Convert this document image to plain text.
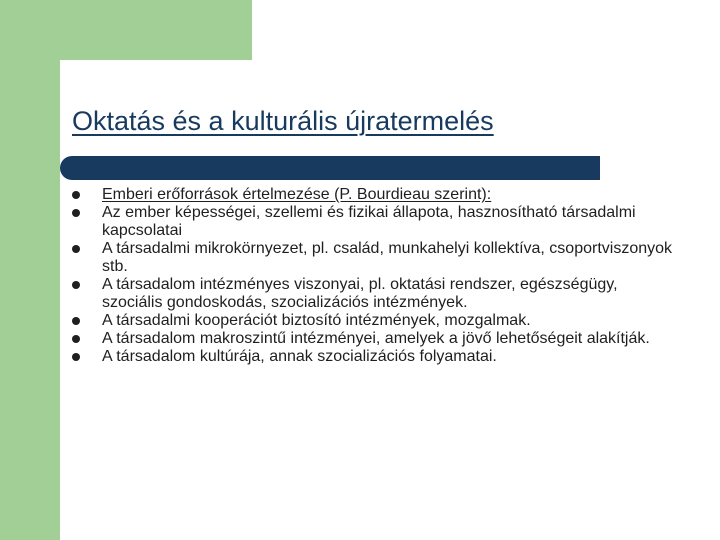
Oktatás és a kulturális újratermelés
Emberi erőforrások értelmezése (P. Bourdieau szerint):
Az ember képességei, szellemi és fizikai állapota, hasznosítható társadalmi kapcsolatai
A társadalmi mikrokörnyezet, pl. család, munkahelyi kollektíva, csoportviszonyok stb.
A társadalom intézményes viszonyai, pl. oktatási rendszer, egészségügy, szociális gondoskodás, szocializációs intézmények.
A társadalmi kooperációt biztosító intézmények, mozgalmak.
A társadalom makroszintű intézményei, amelyek a jövő lehetőségeit alakítják.
A társadalom kultúrája, annak szocializációs folyamatai.
